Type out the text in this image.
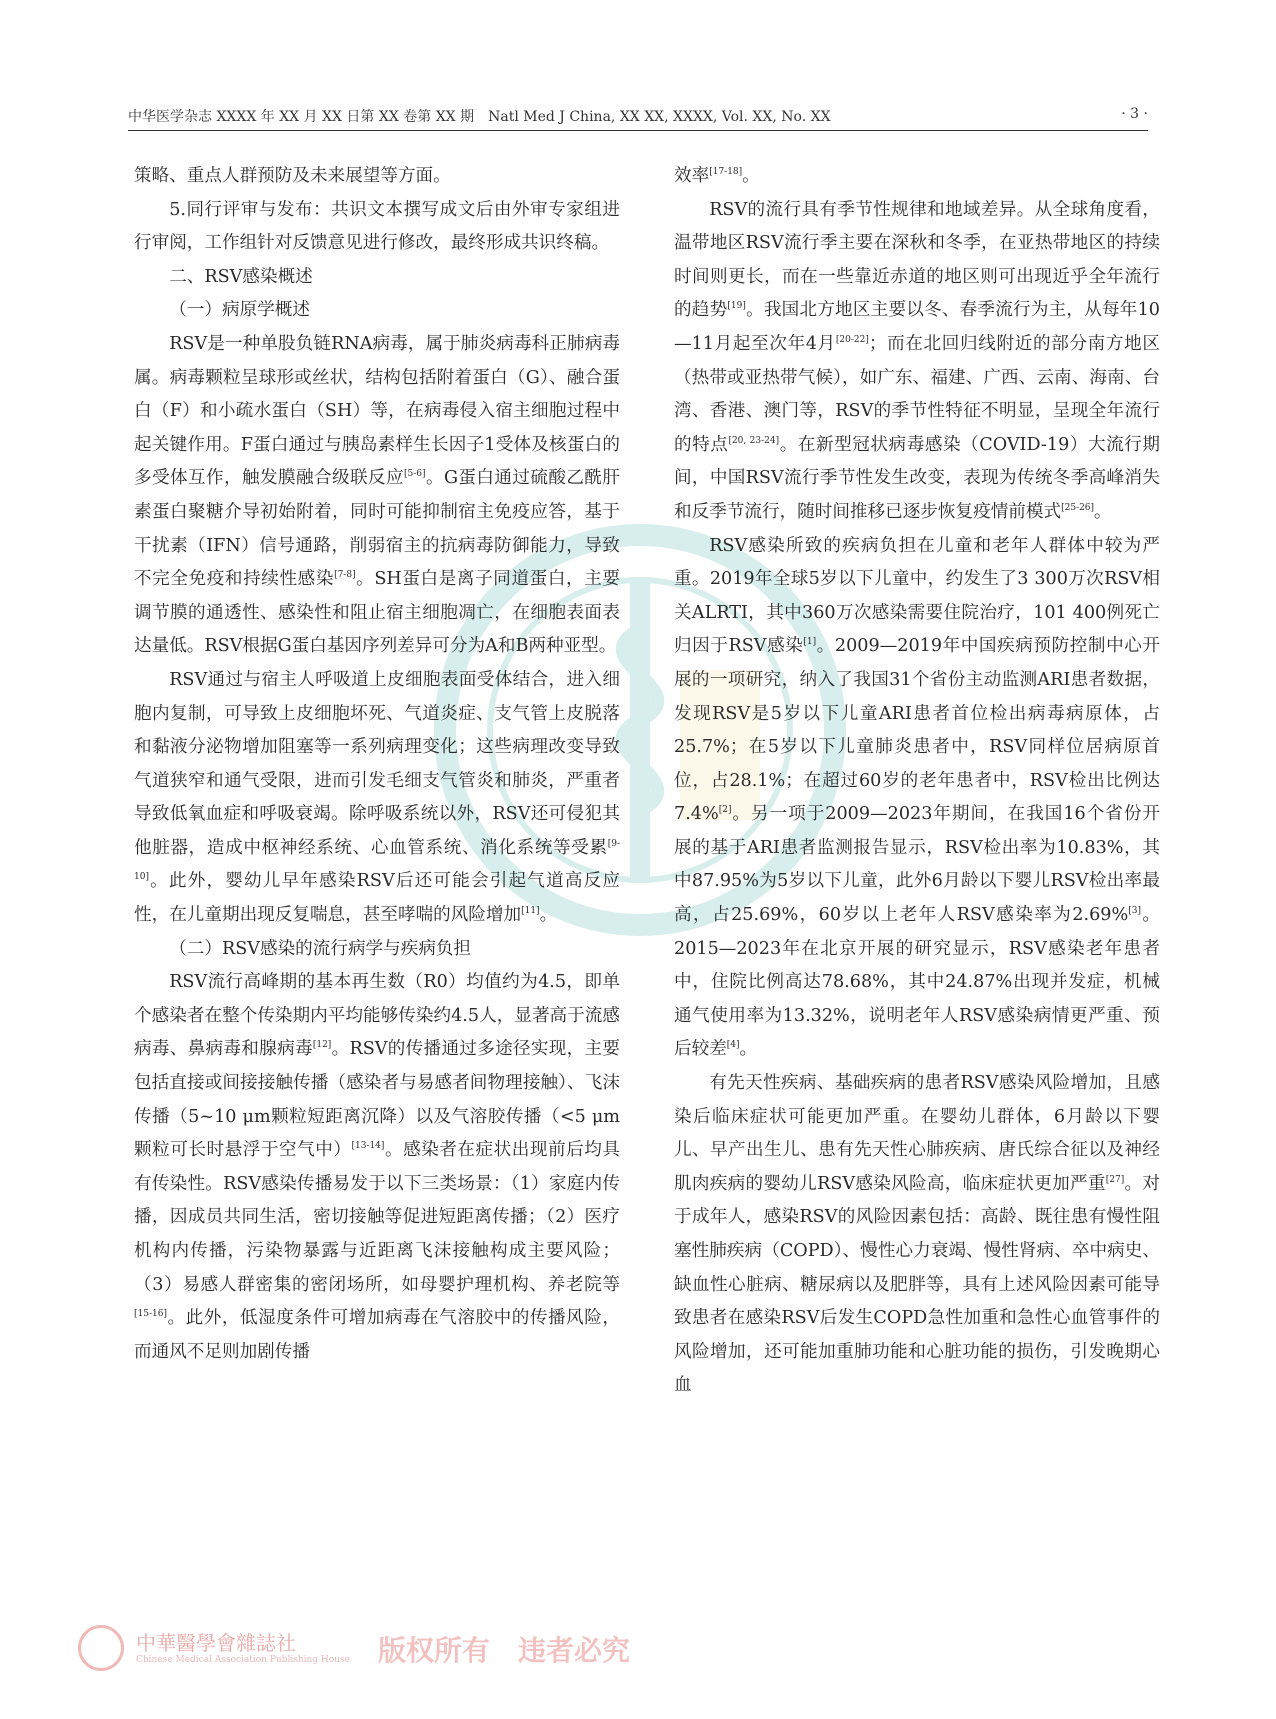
中华医学杂志 XXXX 年 XX 月 XX 日第 XX 卷第 XX 期　Natl Med J China, XX XX, XXXX, Vol. XX, No. XX	· 3 ·

策略、重点人群预防及未来展望等方面。

5.同行评审与发布：共识文本撰写成文后由外审专家组进行审阅，工作组针对反馈意见进行修改，最终形成共识终稿。

二、RSV感染概述

（一）病原学概述

RSV是一种单股负链RNA病毒，属于肺炎病毒科正肺病毒属。病毒颗粒呈球形或丝状，结构包括附着蛋白（G）、融合蛋白（F）和小疏水蛋白（SH）等，在病毒侵入宿主细胞过程中起关键作用。F蛋白通过与胰岛素样生长因子1受体及核蛋白的多受体互作，触发膜融合级联反应[5-6]。G蛋白通过硫酸乙酰肝素蛋白聚糖介导初始附着，同时可能抑制宿主免疫应答，基于干扰素（IFN）信号通路，削弱宿主的抗病毒防御能力，导致不完全免疫和持续性感染[7-8]。SH蛋白是离子同道蛋白，主要调节膜的通透性、感染性和阻止宿主细胞凋亡，在细胞表面表达量低。RSV根据G蛋白基因序列差异可分为A和B两种亚型。

RSV通过与宿主人呼吸道上皮细胞表面受体结合，进入细胞内复制，可导致上皮细胞坏死、气道炎症、支气管上皮脱落和黏液分泌物增加阻塞等一系列病理变化；这些病理改变导致气道狭窄和通气受限，进而引发毛细支气管炎和肺炎，严重者导致低氧血症和呼吸衰竭。除呼吸系统以外，RSV还可侵犯其他脏器，造成中枢神经系统、心血管系统、消化系统等受累[9-10]。此外，婴幼儿早年感染RSV后还可能会引起气道高反应性，在儿童期出现反复喘息，甚至哮喘的风险增加[11]。

（二）RSV感染的流行病学与疾病负担

RSV流行高峰期的基本再生数（R0）均值约为4.5，即单个感染者在整个传染期内平均能够传染约4.5人，显著高于流感病毒、鼻病毒和腺病毒[12]。RSV的传播通过多途径实现，主要包括直接或间接接触传播（感染者与易感者间物理接触）、飞沫传播（5~10 μm颗粒短距离沉降）以及气溶胶传播（<5 μm颗粒可长时悬浮于空气中）[13-14]。感染者在症状出现前后均具有传染性。RSV感染传播易发于以下三类场景：（1）家庭内传播，因成员共同生活，密切接触等促进短距离传播；（2）医疗机构内传播，污染物暴露与近距离飞沫接触构成主要风险；（3）易感人群密集的密闭场所，如母婴护理机构、养老院等[15-16]。此外，低湿度条件可增加病毒在气溶胶中的传播风险，而通风不足则加剧传播

效率[17-18]。

RSV的流行具有季节性规律和地域差异。从全球角度看，温带地区RSV流行季主要在深秋和冬季，在亚热带地区的持续时间则更长，而在一些靠近赤道的地区则可出现近乎全年流行的趋势[19]。我国北方地区主要以冬、春季流行为主，从每年10—11月起至次年4月[20-22]；而在北回归线附近的部分南方地区（热带或亚热带气候），如广东、福建、广西、云南、海南、台湾、香港、澳门等，RSV的季节性特征不明显，呈现全年流行的特点[20, 23-24]。在新型冠状病毒感染（COVID-19）大流行期间，中国RSV流行季节性发生改变，表现为传统冬季高峰消失和反季节流行，随时间推移已逐步恢复疫情前模式[25-26]。

RSV感染所致的疾病负担在儿童和老年人群体中较为严重。2019年全球5岁以下儿童中，约发生了3 300万次RSV相关ALRTI，其中360万次感染需要住院治疗，101 400例死亡归因于RSV感染[1]。2009—2019年中国疾病预防控制中心开展的一项研究，纳入了我国31个省份主动监测ARI患者数据，发现RSV是5岁以下儿童ARI患者首位检出病毒病原体，占25.7%；在5岁以下儿童肺炎患者中，RSV同样位居病原首位，占28.1%；在超过60岁的老年患者中，RSV检出比例达7.4%[2]。另一项于2009—2023年期间，在我国16个省份开展的基于ARI患者监测报告显示，RSV检出率为10.83%，其中87.95%为5岁以下儿童，此外6月龄以下婴儿RSV检出率最高，占25.69%，60岁以上老年人RSV感染率为2.69%[3]。2015—2023年在北京开展的研究显示，RSV感染老年患者中，住院比例高达78.68%，其中24.87%出现并发症，机械通气使用率为13.32%，说明老年人RSV感染病情更严重、预后较差[4]。

有先天性疾病、基础疾病的患者RSV感染风险增加，且感染后临床症状可能更加严重。在婴幼儿群体，6月龄以下婴儿、早产出生儿、患有先天性心肺疾病、唐氏综合征以及神经肌肉疾病的婴幼儿RSV感染风险高，临床症状更加严重[27]。对于成年人，感染RSV的风险因素包括：高龄、既往患有慢性阻塞性肺疾病（COPD）、慢性心力衰竭、慢性肾病、卒中病史、缺血性心脏病、糖尿病以及肥胖等，具有上述风险因素可能导致患者在感染RSV后发生COPD急性加重和急性心血管事件的风险增加，还可能加重肺功能和心脏功能的损伤，引发晚期心血

中華醫學會雜誌社
Chinese Medical Association Publishing House 版权所有　违者必究
